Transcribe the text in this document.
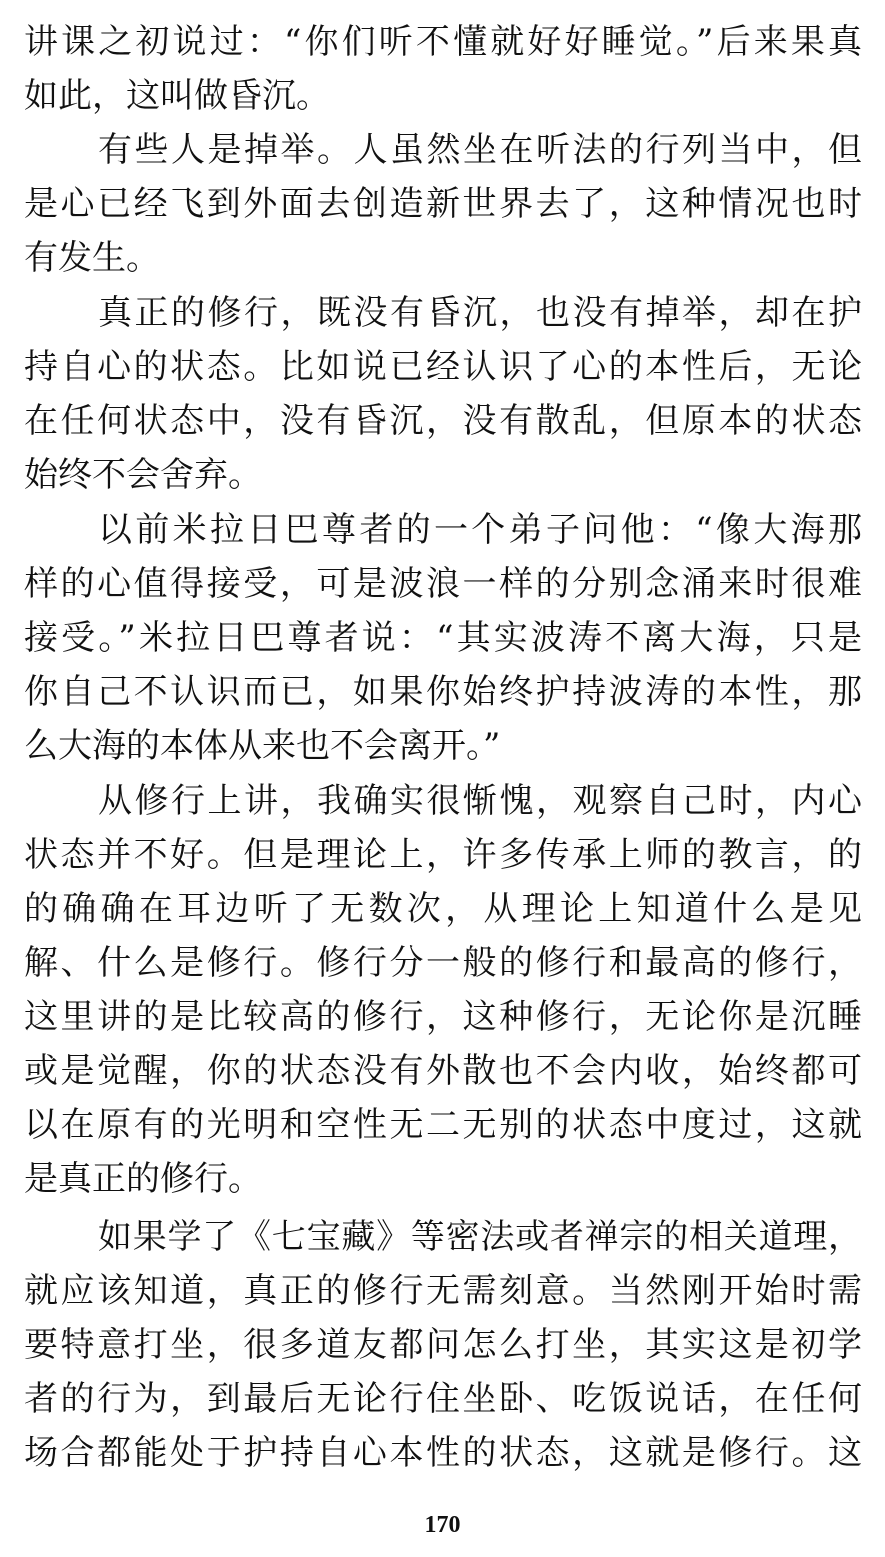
讲课之初说过：“你们听不懂就好好睡觉。”后来果真
如此，这叫做昏沉。
有些人是掉举。人虽然坐在听法的行列当中，但
是心已经飞到外面去创造新世界去了，这种情况也时
有发生。
真正的修行，既没有昏沉，也没有掉举，却在护
持自心的状态。比如说已经认识了心的本性后，无论
在任何状态中，没有昏沉，没有散乱，但原本的状态
始终不会舍弃。
以前米拉日巴尊者的一个弟子问他：“像大海那
样的心值得接受，可是波浪一样的分别念涌来时很难
接受。”米拉日巴尊者说：“其实波涛不离大海，只是
你自己不认识而已，如果你始终护持波涛的本性，那
么大海的本体从来也不会离开。”
从修行上讲，我确实很惭愧，观察自己时，内心
状态并不好。但是理论上，许多传承上师的教言，的
的确确在耳边听了无数次，从理论上知道什么是见
解、什么是修行。修行分一般的修行和最高的修行，
这里讲的是比较高的修行，这种修行，无论你是沉睡
或是觉醒，你的状态没有外散也不会内收，始终都可
以在原有的光明和空性无二无别的状态中度过，这就
是真正的修行。
如果学了《七宝藏》等密法或者禅宗的相关道理，
就应该知道，真正的修行无需刻意。当然刚开始时需
要特意打坐，很多道友都问怎么打坐，其实这是初学
者的行为，到最后无论行住坐卧、吃饭说话，在任何
场合都能处于护持自心本性的状态，这就是修行。这
170
